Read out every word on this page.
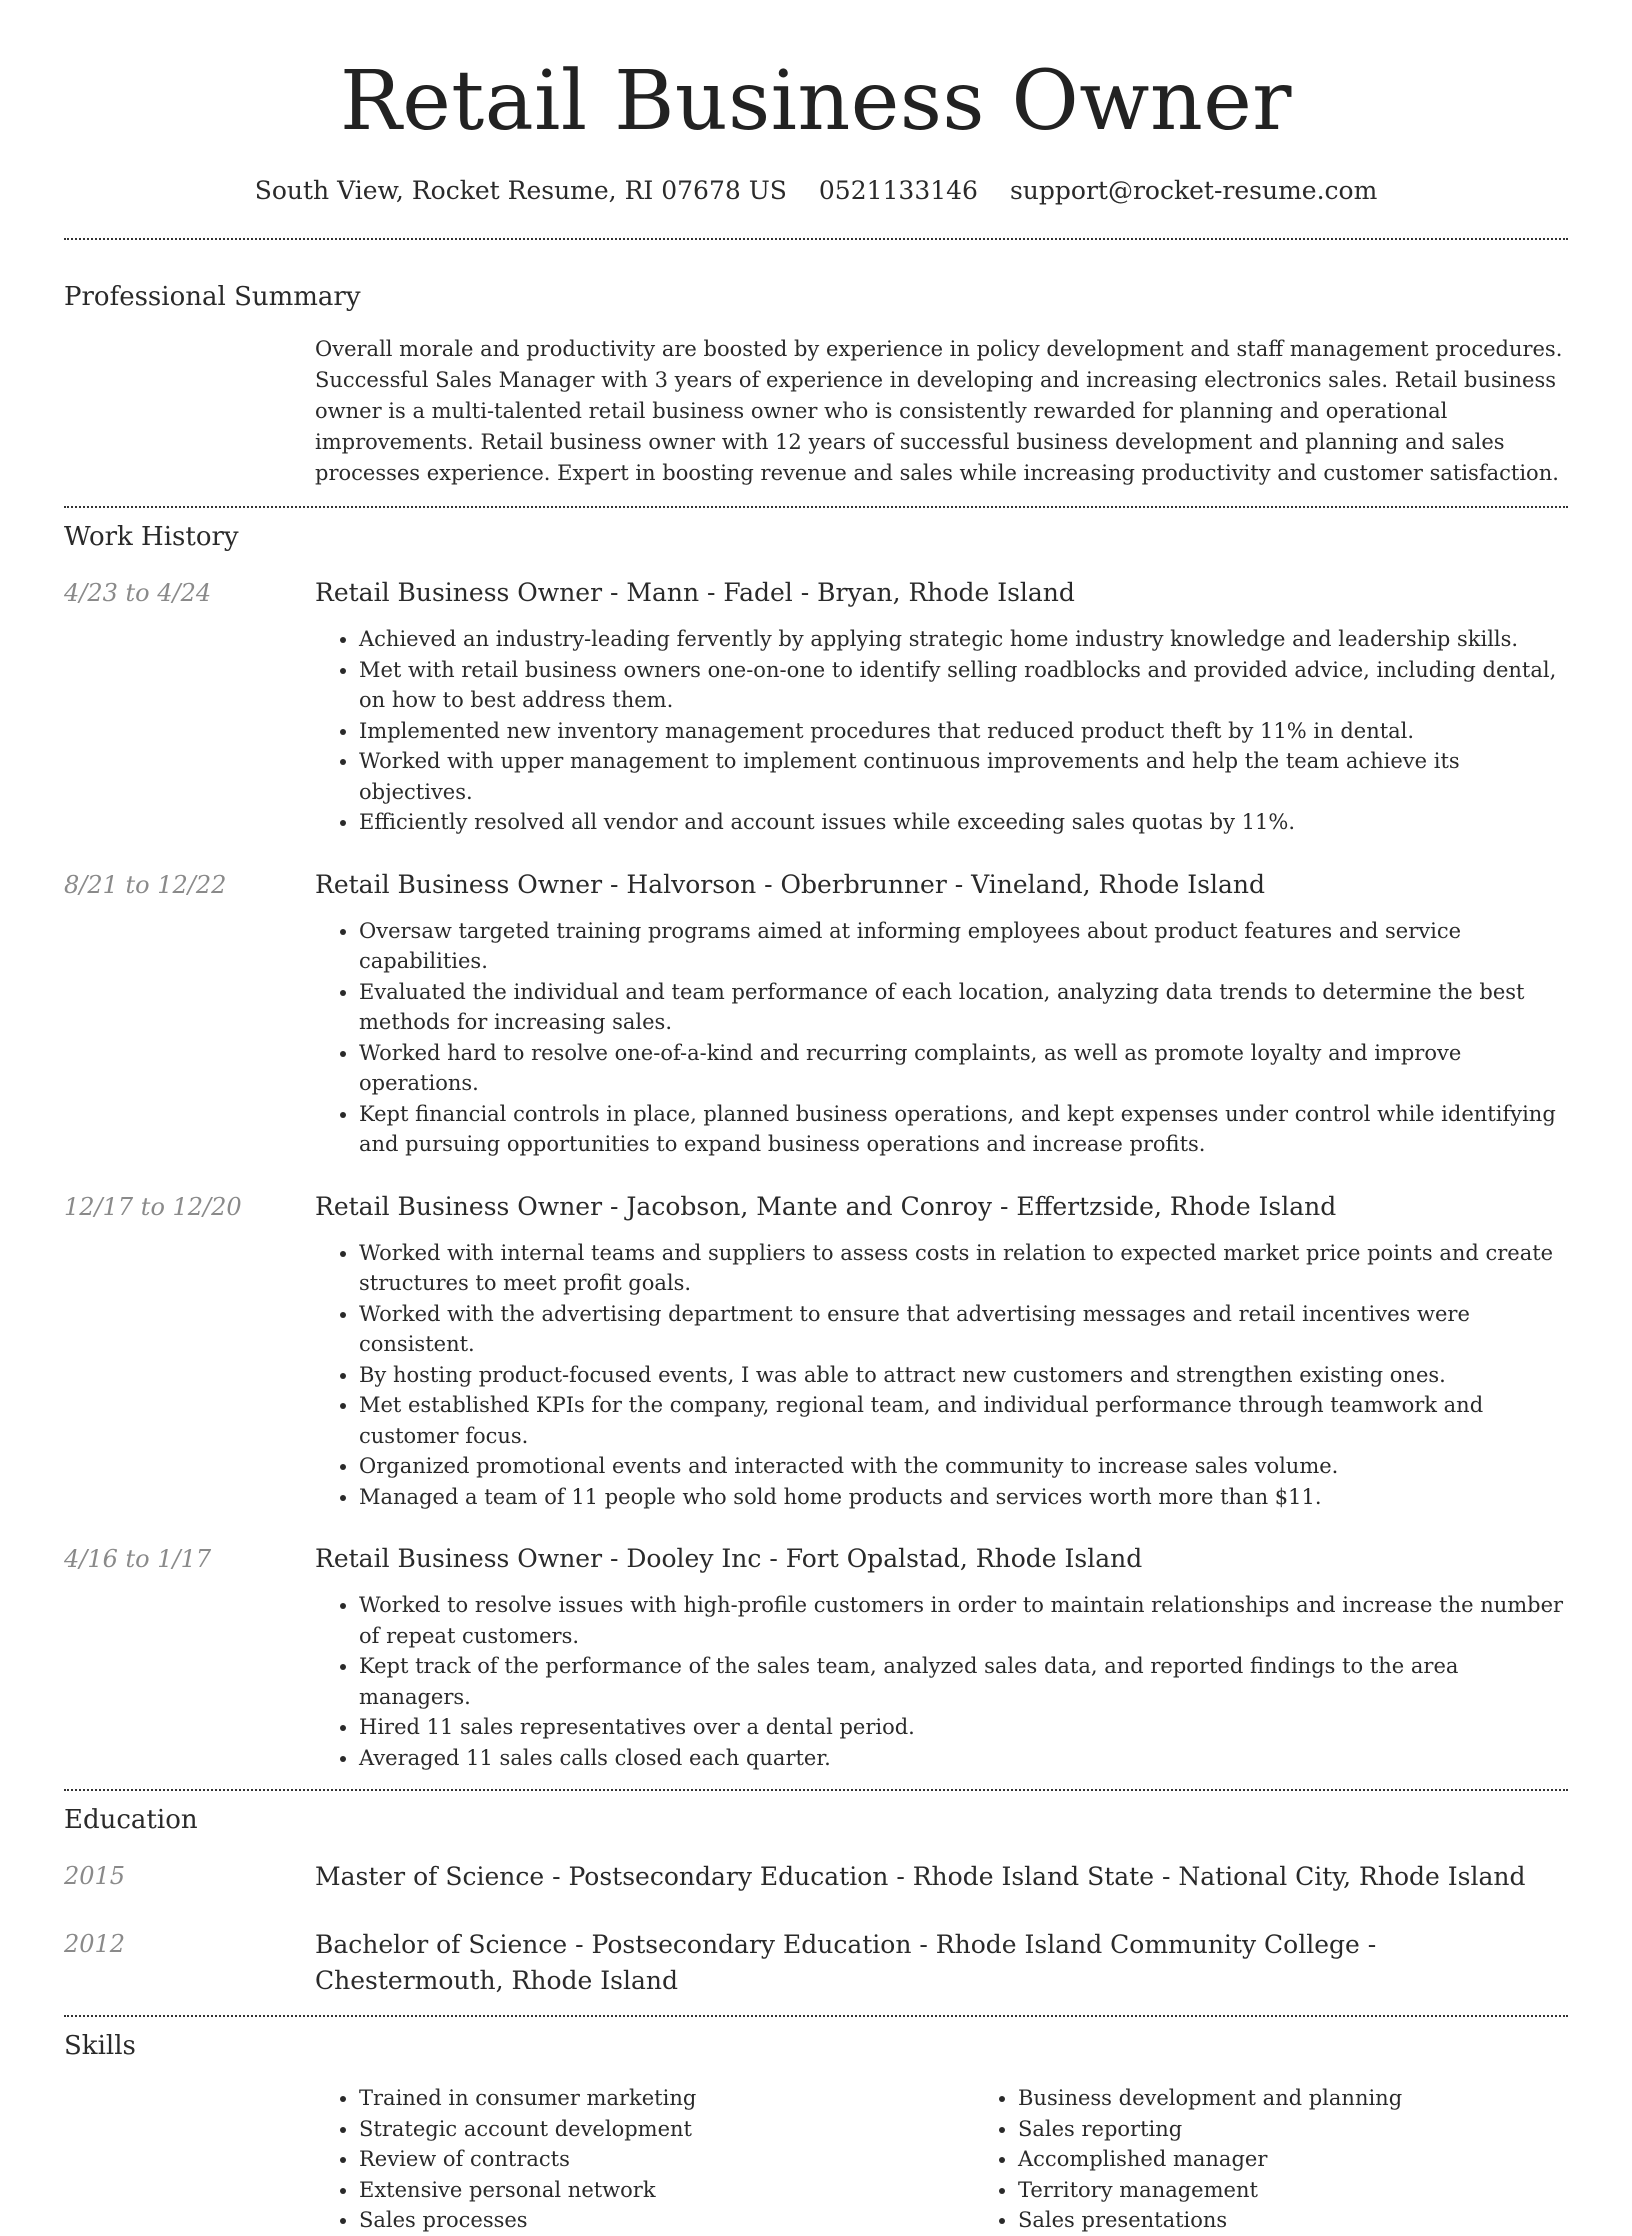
Retail Business Owner
South View, Rocket Resume, RI 07678 US 0521133146 support@rocket-resume.com
Professional Summary
Overall morale and productivity are boosted by experience in policy development and staff management procedures. Successful Sales Manager with 3 years of experience in developing and increasing electronics sales. Retail business owner is a multi-talented retail business owner who is consistently rewarded for planning and operational improvements. Retail business owner with 12 years of successful business development and planning and sales processes experience. Expert in boosting revenue and sales while increasing productivity and customer satisfaction.
Work History
4/23 to 4/24	Retail Business Owner - Mann - Fadel - Bryan, Rhode Island
• Achieved an industry-leading fervently by applying strategic home industry knowledge and leadership skills.
• Met with retail business owners one-on-one to identify selling roadblocks and provided advice, including dental, on how to best address them.
• Implemented new inventory management procedures that reduced product theft by 11% in dental.
• Worked with upper management to implement continuous improvements and help the team achieve its objectives.
• Efficiently resolved all vendor and account issues while exceeding sales quotas by 11%.
8/21 to 12/22	Retail Business Owner - Halvorson - Oberbrunner - Vineland, Rhode Island
• Oversaw targeted training programs aimed at informing employees about product features and service capabilities.
• Evaluated the individual and team performance of each location, analyzing data trends to determine the best methods for increasing sales.
• Worked hard to resolve one-of-a-kind and recurring complaints, as well as promote loyalty and improve operations.
• Kept financial controls in place, planned business operations, and kept expenses under control while identifying and pursuing opportunities to expand business operations and increase profits.
12/17 to 12/20	Retail Business Owner - Jacobson, Mante and Conroy - Effertzside, Rhode Island
• Worked with internal teams and suppliers to assess costs in relation to expected market price points and create structures to meet profit goals.
• Worked with the advertising department to ensure that advertising messages and retail incentives were consistent.
• By hosting product-focused events, I was able to attract new customers and strengthen existing ones.
• Met established KPIs for the company, regional team, and individual performance through teamwork and customer focus.
• Organized promotional events and interacted with the community to increase sales volume.
• Managed a team of 11 people who sold home products and services worth more than $11.
4/16 to 1/17	Retail Business Owner - Dooley Inc - Fort Opalstad, Rhode Island
• Worked to resolve issues with high-profile customers in order to maintain relationships and increase the number of repeat customers.
• Kept track of the performance of the sales team, analyzed sales data, and reported findings to the area managers.
• Hired 11 sales representatives over a dental period.
• Averaged 11 sales calls closed each quarter.
Education
2015	Master of Science - Postsecondary Education - Rhode Island State - National City, Rhode Island
2012	Bachelor of Science - Postsecondary Education - Rhode Island Community College - Chestermouth, Rhode Island
Skills
• Trained in consumer marketing
• Strategic account development
• Review of contracts
• Extensive personal network
• Sales processes
• Business development and planning
• Sales reporting
• Accomplished manager
• Territory management
• Sales presentations
